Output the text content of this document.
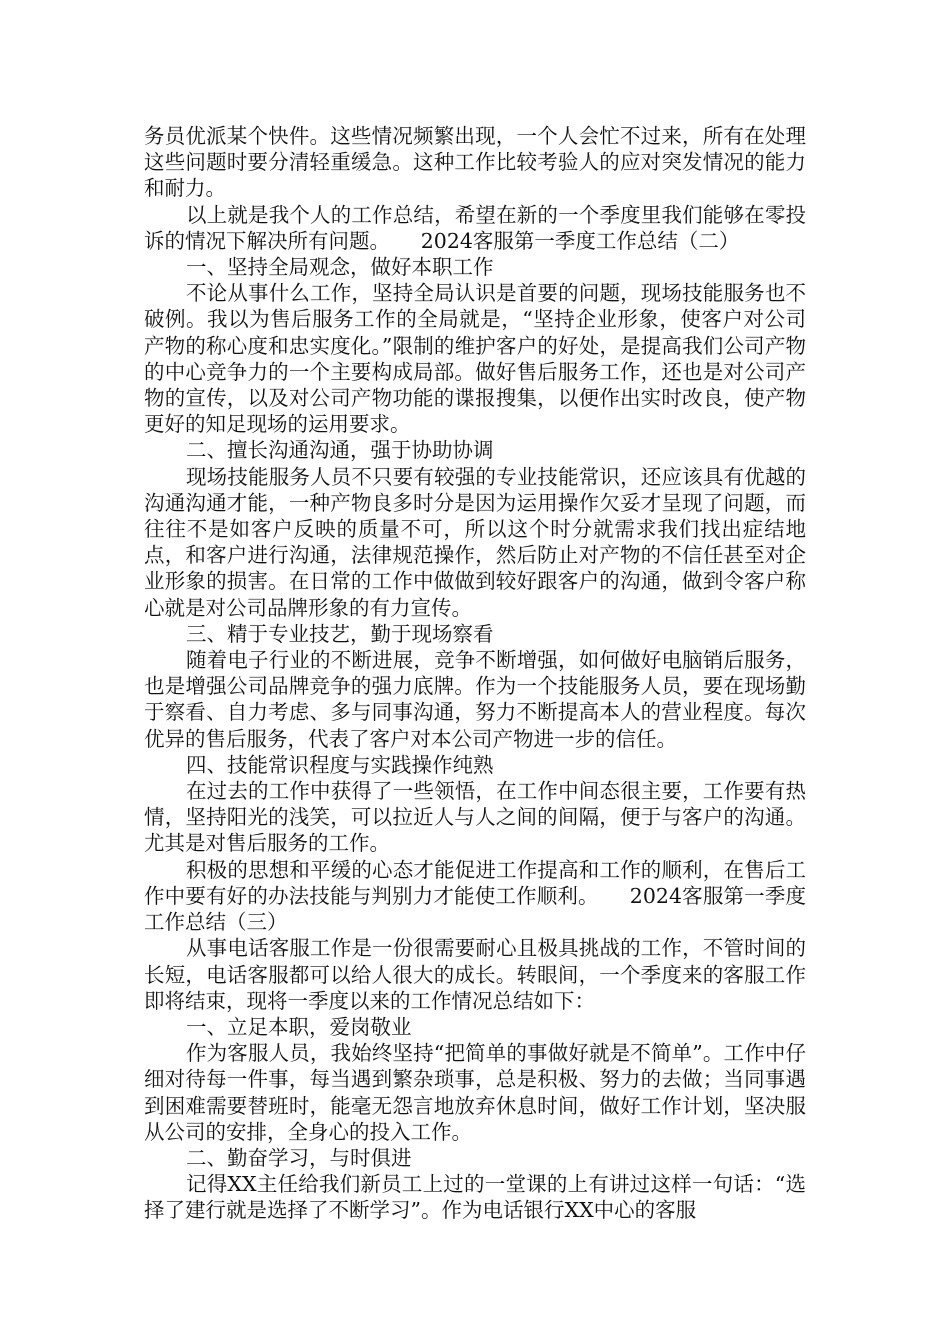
务员优派某个快件。这些情况频繁出现，一个人会忙不过来，所有在处理这些问题时要分清轻重缓急。这种工作比较考验人的应对突发情况的能力和耐力。

以上就是我个人的工作总结，希望在新的一个季度里我们能够在零投诉的情况下解决所有问题。　　2024客服第一季度工作总结（二）

一、坚持全局观念，做好本职工作

不论从事什么工作，坚持全局认识是首要的问题，现场技能服务也不破例。我以为售后服务工作的全局就是，“坚持企业形象，使客户对公司产物的称心度和忠实度化。”限制的维护客户的好处，是提高我们公司产物的中心竞争力的一个主要构成局部。做好售后服务工作，还也是对公司产物的宣传，以及对公司产物功能的谍报搜集，以便作出实时改良，使产物更好的知足现场的运用要求。

二、擅长沟通沟通，强于协助协调

现场技能服务人员不只要有较强的专业技能常识，还应该具有优越的沟通沟通才能，一种产物良多时分是因为运用操作欠妥才呈现了问题，而往往不是如客户反映的质量不可，所以这个时分就需求我们找出症结地点，和客户进行沟通，法律规范操作，然后防止对产物的不信任甚至对企业形象的损害。在日常的工作中做做到较好跟客户的沟通，做到令客户称心就是对公司品牌形象的有力宣传。

三、精于专业技艺，勤于现场察看

随着电子行业的不断进展，竞争不断增强，如何做好电脑销后服务，也是增强公司品牌竞争的强力底牌。作为一个技能服务人员，要在现场勤于察看、自力考虑、多与同事沟通，努力不断提高本人的营业程度。每次优异的售后服务，代表了客户对本公司产物进一步的信任。

四、技能常识程度与实践操作纯熟

在过去的工作中获得了一些领悟，在工作中间态很主要，工作要有热情，坚持阳光的浅笑，可以拉近人与人之间的间隔，便于与客户的沟通。尤其是对售后服务的工作。

积极的思想和平缓的心态才能促进工作提高和工作的顺利，在售后工作中要有好的办法技能与判别力才能使工作顺利。　　2024客服第一季度工作总结（三）

从事电话客服工作是一份很需要耐心且极具挑战的工作，不管时间的长短，电话客服都可以给人很大的成长。转眼间，一个季度来的客服工作即将结束，现将一季度以来的工作情况总结如下：

一、立足本职，爱岗敬业

作为客服人员，我始终坚持“把简单的事做好就是不简单”。工作中仔细对待每一件事，每当遇到繁杂琐事，总是积极、努力的去做；当同事遇到困难需要替班时，能毫无怨言地放弃休息时间，做好工作计划，坚决服从公司的安排，全身心的投入工作。

二、勤奋学习，与时俱进

记得XX主任给我们新员工上过的一堂课的上有讲过这样一句话：“选择了建行就是选择了不断学习”。作为电话银行XX中心的客服
